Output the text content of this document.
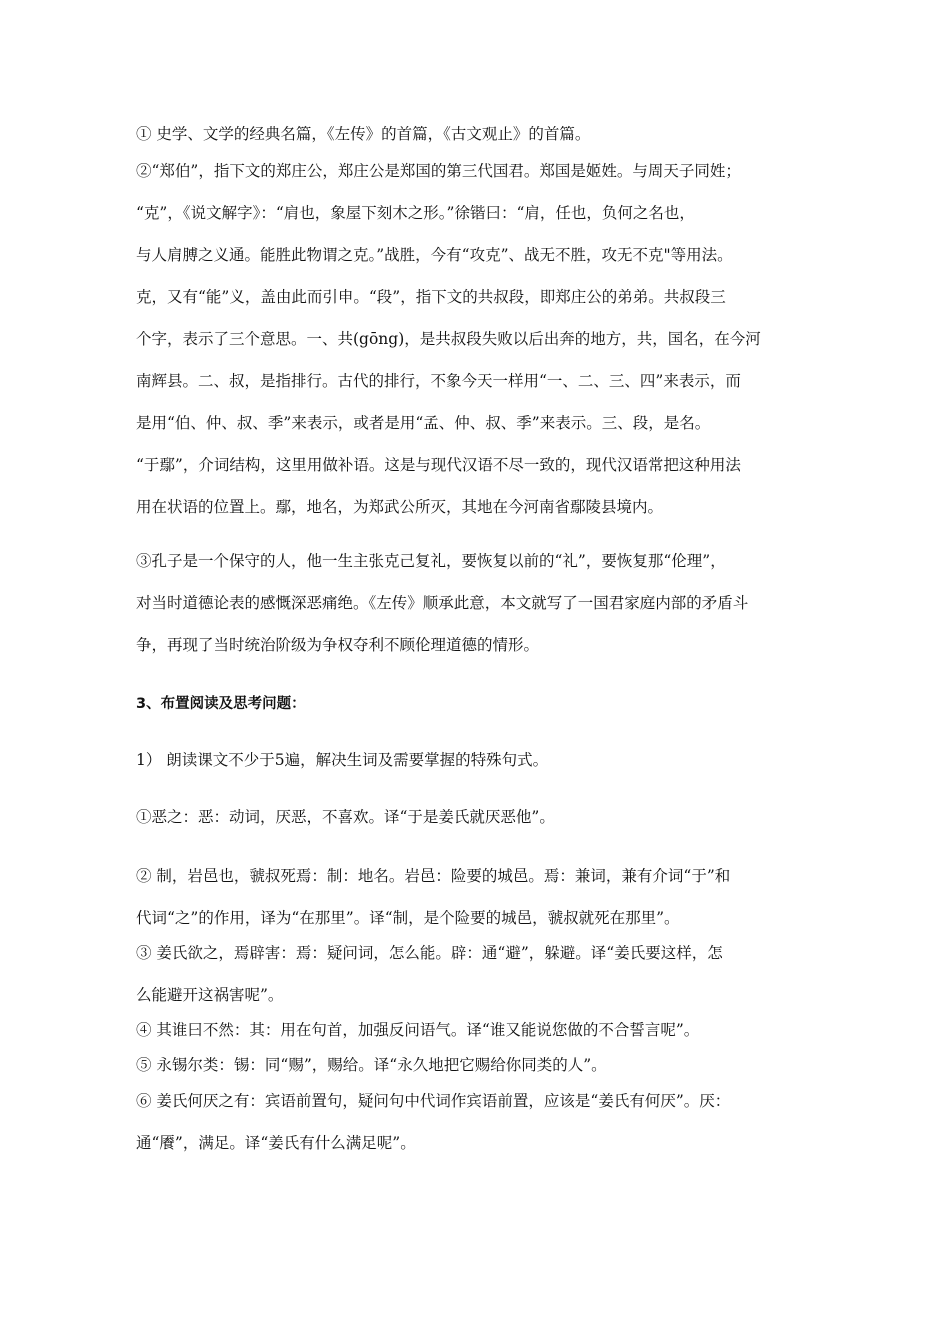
① 史学、文学的经典名篇，《左传》的首篇，《古文观止》的首篇。
②“郑伯”，指下文的郑庄公，郑庄公是郑国的第三代国君。郑国是姬姓。与周天子同姓；
“克”，《说文解字》：“肩也，象屋下刻木之形。”徐锴曰：“肩，任也，负何之名也，
与人肩膊之义通。能胜此物谓之克。”战胜，今有“攻克”、战无不胜，攻无不克"等用法。
克，又有“能”义，盖由此而引申。“段”，指下文的共叔段，即郑庄公的弟弟。共叔段三
个字，表示了三个意思。一、共(gōng)，是共叔段失败以后出奔的地方，共，国名，在今河
南辉县。二、叔，是指排行。古代的排行，不象今天一样用“一、二、三、四”来表示，而
是用“伯、仲、叔、季”来表示，或者是用“孟、仲、叔、季”来表示。三、段，是名。
“于鄢”，介词结构，这里用做补语。这是与现代汉语不尽一致的，现代汉语常把这种用法
用在状语的位置上。鄢，地名，为郑武公所灭，其地在今河南省鄢陵县境内。
③孔子是一个保守的人，他一生主张克己复礼，要恢复以前的“礼”，要恢复那“伦理”，
对当时道德论表的感慨深恶痛绝。《左传》顺承此意，本文就写了一国君家庭内部的矛盾斗
争，再现了当时统治阶级为争权夺利不顾伦理道德的情形。
3、布置阅读及思考问题：
1） 朗读课文不少于5遍，解决生词及需要掌握的特殊句式。
①恶之：恶：动词，厌恶，不喜欢。译“于是姜氏就厌恶他”。
② 制，岩邑也，虢叔死焉：制：地名。岩邑：险要的城邑。焉：兼词，兼有介词“于”和
代词“之”的作用，译为“在那里”。译“制，是个险要的城邑，虢叔就死在那里”。
③ 姜氏欲之，焉辟害：焉：疑问词，怎么能。辟：通“避”，躲避。译“姜氏要这样，怎
么能避开这祸害呢”。
④ 其谁曰不然：其：用在句首，加强反问语气。译“谁又能说您做的不合誓言呢”。
⑤ 永锡尔类：锡：同“赐”，赐给。译“永久地把它赐给你同类的人”。
⑥ 姜氏何厌之有：宾语前置句，疑问句中代词作宾语前置，应该是“姜氏有何厌”。厌：
通“餍”，满足。译“姜氏有什么满足呢”。
